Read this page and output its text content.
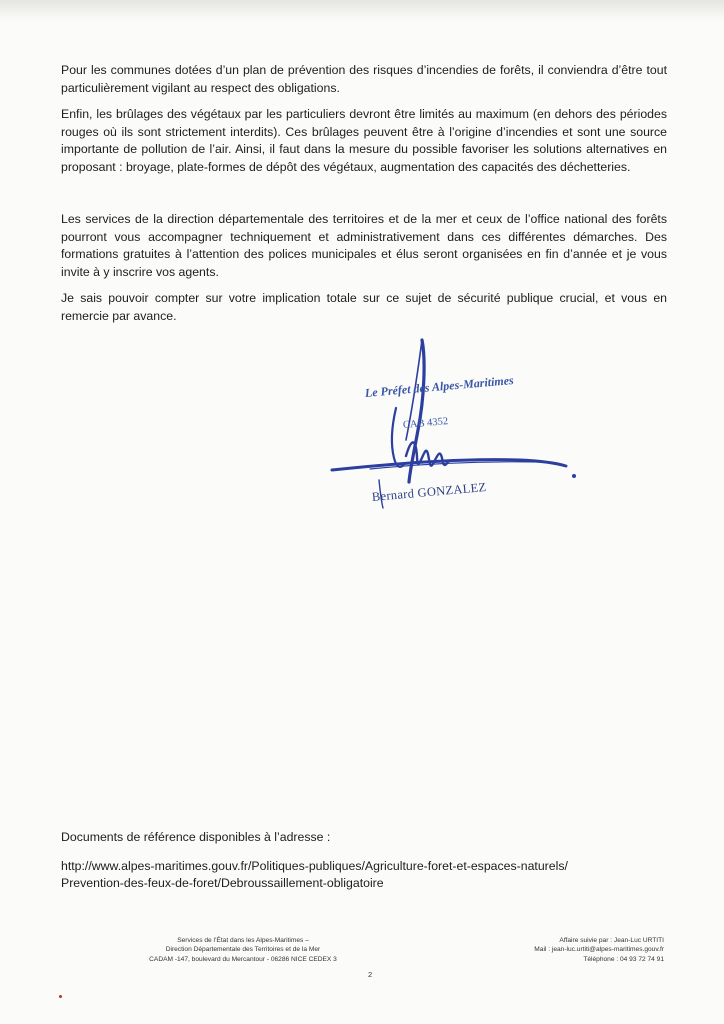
Pour les communes dotées d’un plan de prévention des risques d’incendies de forêts, il conviendra d’être tout particulièrement vigilant au respect des obligations.

Enfin, les brûlages des végétaux par les particuliers devront être limités au maximum (en dehors des périodes rouges où ils sont strictement interdits). Ces brûlages peuvent être à l’origine d’incendies et sont une source importante de pollution de l’air. Ainsi, il faut dans la mesure du possible favoriser les solutions alternatives en proposant : broyage, plate-formes de dépôt des végétaux, augmentation des capacités des déchetteries.

Les services de la direction départementale des territoires et de la mer et ceux de l’office national des forêts pourront vous accompagner techniquement et administrativement dans ces différentes démarches. Des formations gratuites à l’attention des polices municipales et élus seront organisées en fin d’année et je vous invite à y inscrire vos agents.

Je sais pouvoir compter sur votre implication totale sur ce sujet de sécurité publique crucial, et vous en remercie par avance.

Le Préfet des Alpes-Maritimes
CAB 4352
Bernard GONZALEZ
Documents de référence disponibles à l’adresse :
http://www.alpes-maritimes.gouv.fr/Politiques-publiques/Agriculture-foret-et-espaces-naturels/
Prevention-des-feux-de-foret/Debroussaillement-obligatoire
Services de l’État dans les Alpes-Maritimes –
Direction Départementale des Territoires et de la Mer
CADAM -147, boulevard du Mercantour - 06286 NICE CEDEX 3
Affaire suivie par : Jean-Luc URTITI
Mail : jean-luc.urtiti@alpes-maritimes.gouv.fr
Téléphone : 04 93 72 74 91
2
